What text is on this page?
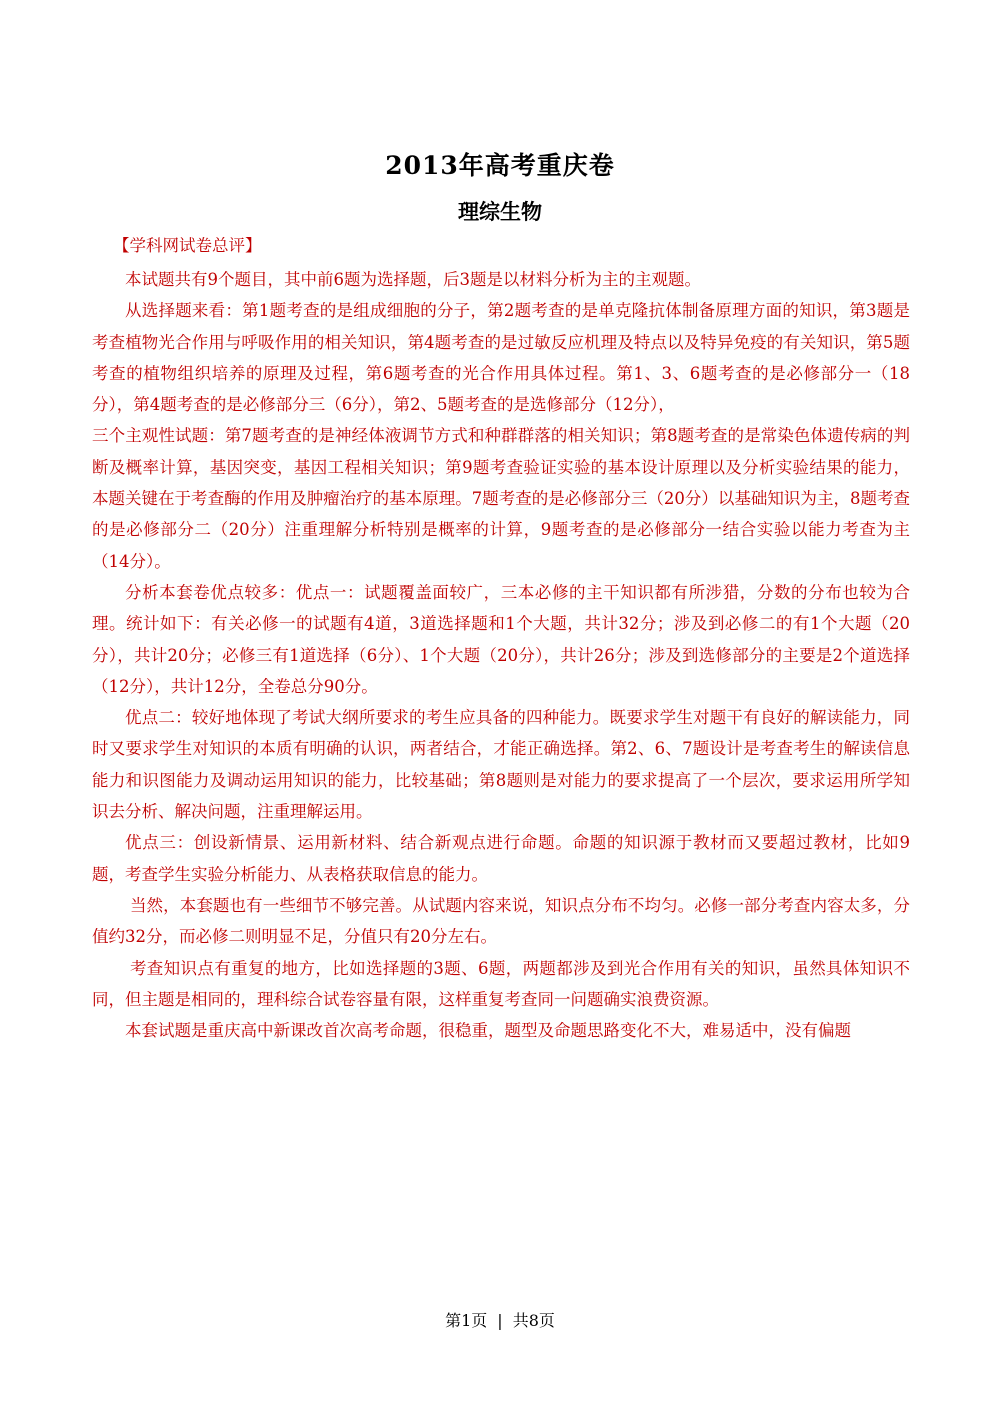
2013年高考重庆卷
理综生物
【学科网试卷总评】

本试题共有9个题目，其中前6题为选择题，后3题是以材料分析为主的主观题。

从选择题来看：第1题考查的是组成细胞的分子，第2题考查的是单克隆抗体制备原理方面的知识，第3题是考查植物光合作用与呼吸作用的相关知识，第4题考查的是过敏反应机理及特点以及特异免疫的有关知识，第5题考查的植物组织培养的原理及过程，第6题考查的光合作用具体过程。第1、3、6题考查的是必修部分一（18分），第4题考查的是必修部分三（6分），第2、5题考查的是选修部分（12分），

三个主观性试题：第7题考查的是神经体液调节方式和种群群落的相关知识；第8题考查的是常染色体遗传病的判断及概率计算，基因突变，基因工程相关知识；第9题考查验证实验的基本设计原理以及分析实验结果的能力，本题关键在于考查酶的作用及肿瘤治疗的基本原理。7题考查的是必修部分三（20分）以基础知识为主，8题考查的是必修部分二（20分）注重理解分析特别是概率的计算，9题考查的是必修部分一结合实验以能力考查为主（14分）。

分析本套卷优点较多：优点一：试题覆盖面较广，三本必修的主干知识都有所涉猎，分数的分布也较为合理。统计如下：有关必修一的试题有4道，3道选择题和1个大题，共计32分；涉及到必修二的有1个大题（20分），共计20分；必修三有1道选择（6分）、1个大题（20分），共计26分；涉及到选修部分的主要是2个道选择（12分），共计12分，全卷总分90分。

优点二：较好地体现了考试大纲所要求的考生应具备的四种能力。既要求学生对题干有良好的解读能力，同时又要求学生对知识的本质有明确的认识，两者结合，才能正确选择。第2、6、7题设计是考查考生的解读信息能力和识图能力及调动运用知识的能力，比较基础；第8题则是对能力的要求提高了一个层次，要求运用所学知识去分析、解决问题，注重理解运用。

优点三：创设新情景、运用新材料、结合新观点进行命题。命题的知识源于教材而又要超过教材，比如9题，考查学生实验分析能力、从表格获取信息的能力。

当然，本套题也有一些细节不够完善。从试题内容来说，知识点分布不均匀。必修一部分考查内容太多，分值约32分，而必修二则明显不足，分值只有20分左右。

考查知识点有重复的地方，比如选择题的3题、6题，两题都涉及到光合作用有关的知识，虽然具体知识不同，但主题是相同的，理科综合试卷容量有限，这样重复考查同一问题确实浪费资源。

本套试题是重庆高中新课改首次高考命题，很稳重，题型及命题思路变化不大，难易适中，没有偏题

第1页 | 共8页
